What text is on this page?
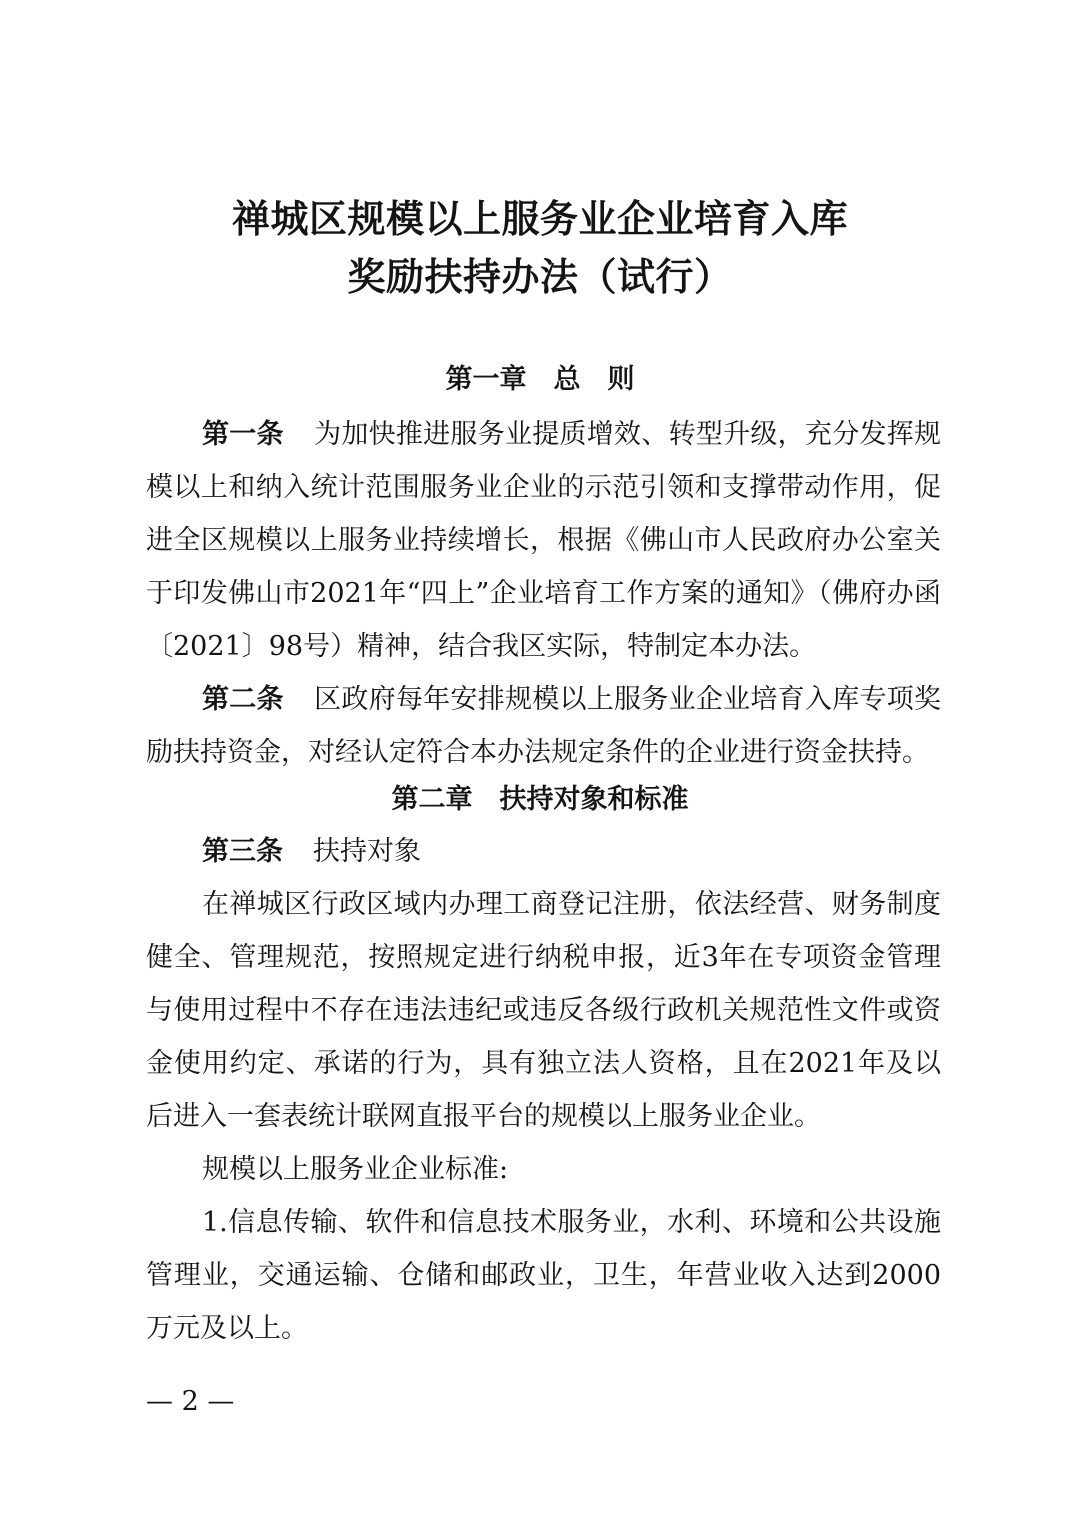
禅城区规模以上服务业企业培育入库
奖励扶持办法（试行）
第一章　总　则

第一条 为加快推进服务业提质增效、转型升级，充分发挥规模以上和纳入统计范围服务业企业的示范引领和支撑带动作用，促进全区规模以上服务业持续增长，根据《佛山市人民政府办公室关于印发佛山市2021年“四上”企业培育工作方案的通知》（佛府办函〔2021〕98号）精神，结合我区实际，特制定本办法。

第二条 区政府每年安排规模以上服务业企业培育入库专项奖励扶持资金，对经认定符合本办法规定条件的企业进行资金扶持。

第二章　扶持对象和标准

第三条 扶持对象

在禅城区行政区域内办理工商登记注册，依法经营、财务制度健全、管理规范，按照规定进行纳税申报，近3年在专项资金管理与使用过程中不存在违法违纪或违反各级行政机关规范性文件或资金使用约定、承诺的行为，具有独立法人资格，且在2021年及以后进入一套表统计联网直报平台的规模以上服务业企业。

规模以上服务业企业标准:

1.信息传输、软件和信息技术服务业，水利、环境和公共设施管理业，交通运输、仓储和邮政业，卫生，年营业收入达到2000万元及以上。

— 2 —
